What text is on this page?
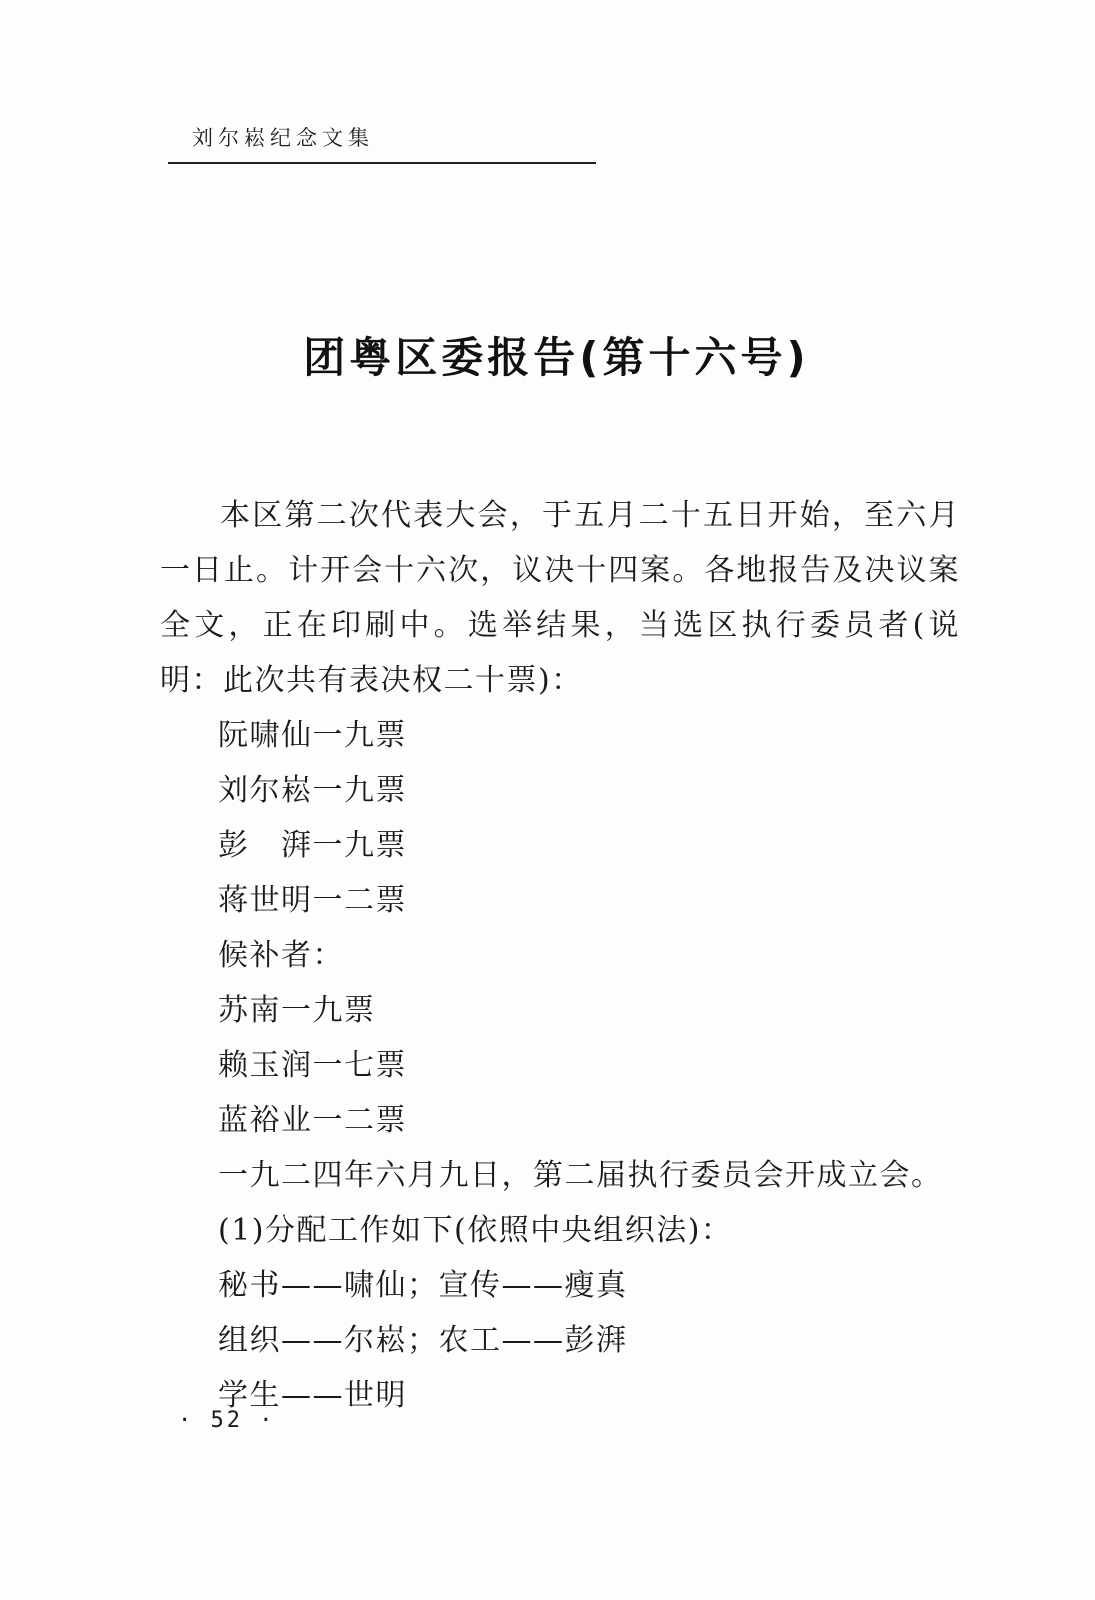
刘尔崧纪念文集
团粤区委报告(第十六号)

本区第二次代表大会，于五月二十五日开始，至六月一日止。计开会十六次，议决十四案。各地报告及决议案全文，正在印刷中。选举结果，当选区执行委员者(说明：此次共有表决权二十票)：

阮啸仙一九票
刘尔崧一九票
彭　湃一九票
蒋世明一二票
候补者：
苏南一九票
赖玉润一七票
蓝裕业一二票
一九二四年六月九日，第二届执行委员会开成立会。
(1)分配工作如下(依照中央组织法)：
秘书——啸仙；宣传——瘦真
组织——尔崧；农工——彭湃
学生——世明
· 52 ·
